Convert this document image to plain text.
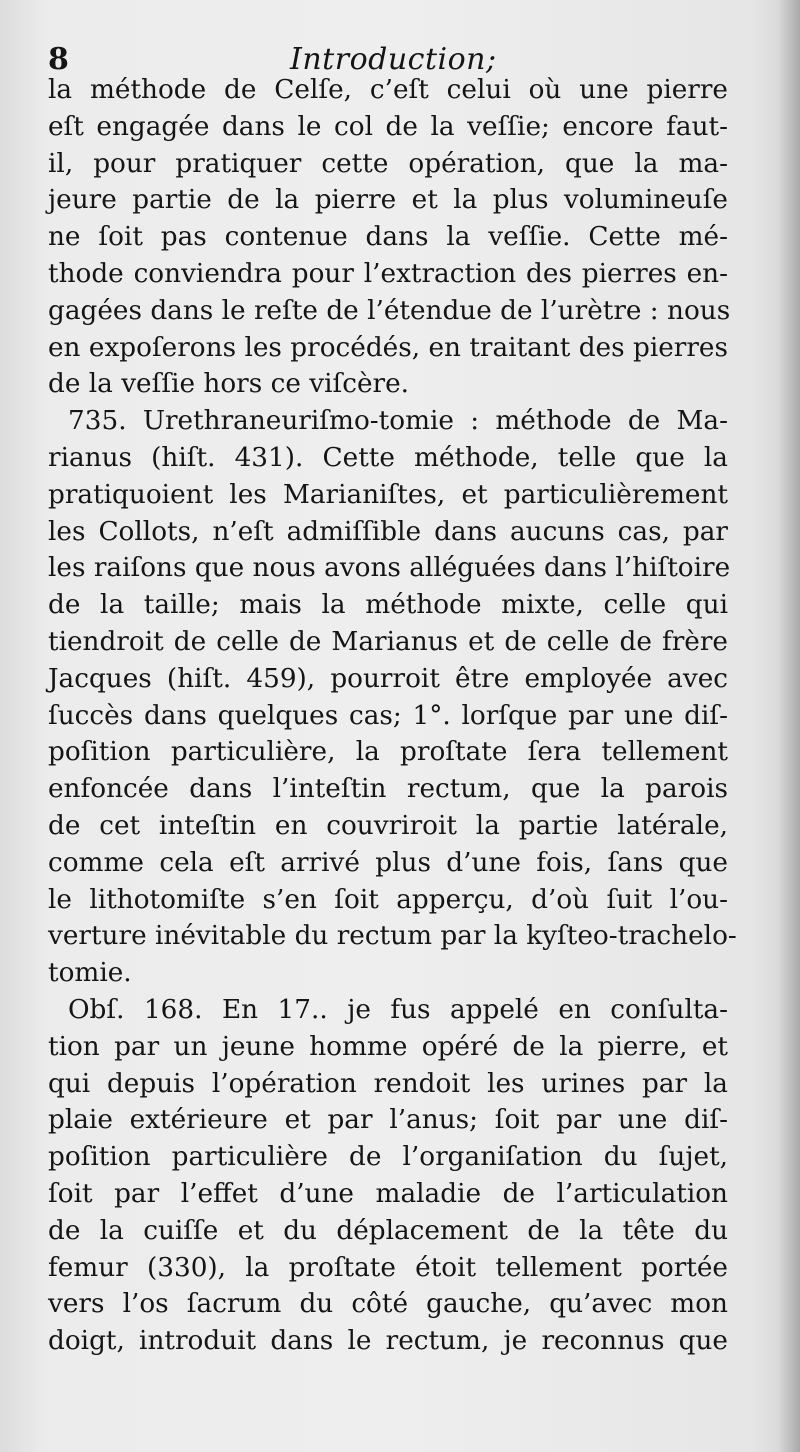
8	Introduction;
la méthode de Celſe, c’eſt celui où une pierre
eſt engagée dans le col de la veſſie; encore faut-
il, pour pratiquer cette opération, que la ma-
jeure partie de la pierre et la plus volumineuſe
ne ſoit pas contenue dans la veſſie. Cette mé-
thode conviendra pour l’extraction des pierres en-
gagées dans le reſte de l’étendue de l’urètre : nous
en expoſerons les procédés, en traitant des pierres
de la veſſie hors ce viſcère.
735. Urethraneuriſmo-tomie : méthode de Ma-
rianus (hiſt. 431). Cette méthode, telle que la
pratiquoient les Marianiſtes, et particulièrement
les Collots, n’eſt admiſſible dans aucuns cas, par
les raiſons que nous avons alléguées dans l’hiſtoire
de la taille; mais la méthode mixte, celle qui
tiendroit de celle de Marianus et de celle de frère
Jacques (hiſt. 459), pourroit être employée avec
ſuccès dans quelques cas; 1°. lorſque par une diſ-
poſition particulière, la proſtate ſera tellement
enfoncée dans l’inteſtin rectum, que la parois
de cet inteſtin en couvriroit la partie latérale,
comme cela eſt arrivé plus d’une fois, ſans que
le lithotomiſte s’en ſoit apperçu, d’où ſuit l’ou-
verture inévitable du rectum par la kyſteo-trachelo-
tomie.
Obſ. 168. En 17.. je fus appelé en conſulta-
tion par un jeune homme opéré de la pierre, et
qui depuis l’opération rendoit les urines par la
plaie extérieure et par l’anus; ſoit par une diſ-
poſition particulière de l’organiſation du ſujet,
ſoit par l’effet d’une maladie de l’articulation
de la cuiſſe et du déplacement de la tête du
femur (330), la proſtate étoit tellement portée
vers l’os ſacrum du côté gauche, qu’avec mon
doigt, introduit dans le rectum, je reconnus que
